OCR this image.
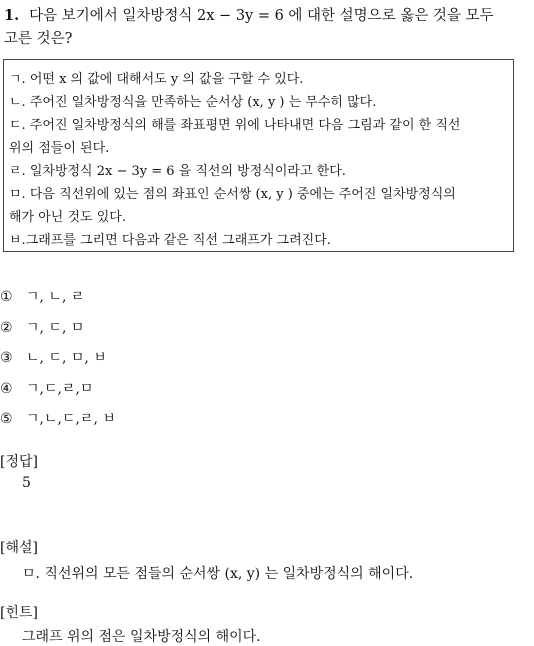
1. 다음 보기에서 일차방정식 2x − 3y = 6 에 대한 설명으로 옳은 것을 모두
고른 것은?
ㄱ. 어떤 x 의 값에 대해서도 y 의 값을 구할 수 있다.
ㄴ. 주어진 일차방정식을 만족하는 순서상 (x, y ) 는 무수히 많다.
ㄷ. 주어진 일차방정식의 해를 좌표평면 위에 나타내면 다음 그림과 같이 한 직선
위의 점들이 된다.
ㄹ. 일차방정식 2x − 3y = 6 을 직선의 방정식이라고 한다.
ㅁ. 다음 직선위에 있는 점의 좌표인 순서쌍 (x, y ) 중에는 주어진 일차방정식의
해가 아닌 것도 있다.
ㅂ.그래프를 그리면 다음과 같은 직선 그래프가 그려진다.
① ㄱ, ㄴ, ㄹ
② ㄱ, ㄷ, ㅁ
③ ㄴ, ㄷ, ㅁ, ㅂ
④ ㄱ,ㄷ,ㄹ,ㅁ
⑤ ㄱ,ㄴ,ㄷ,ㄹ, ㅂ
[정답]
5
[해설]
ㅁ. 직선위의 모든 점들의 순서쌍 (x, y) 는 일차방정식의 해이다.
[힌트]
그래프 위의 점은 일차방정식의 해이다.
